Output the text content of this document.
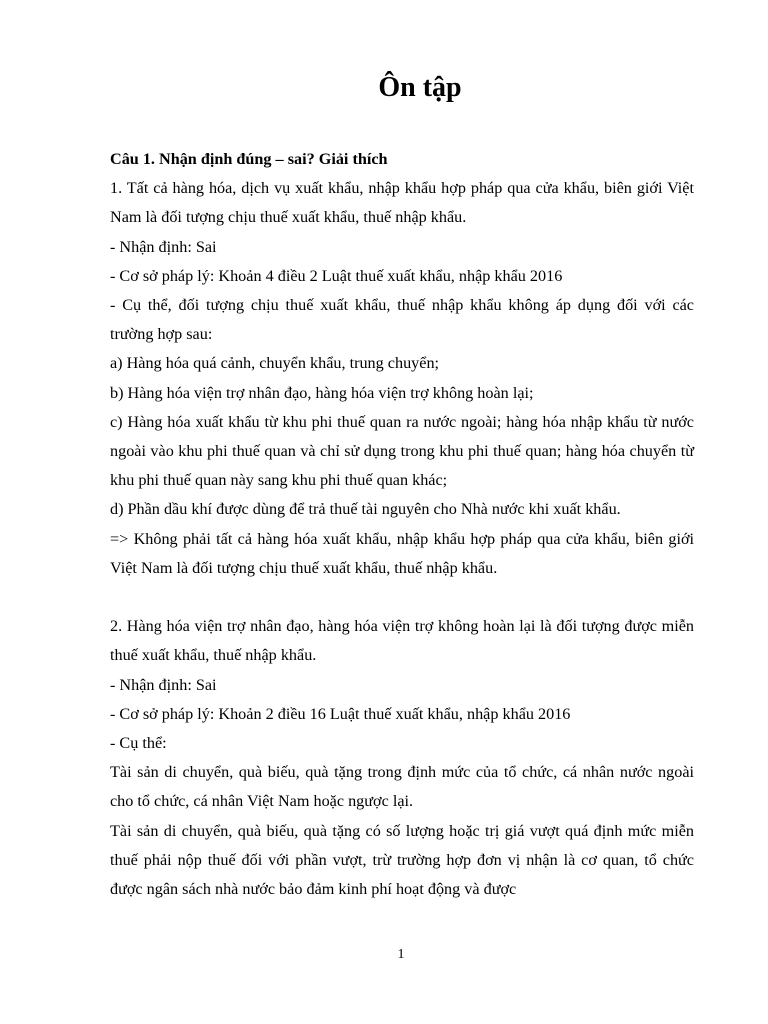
Ôn tập

Câu 1. Nhận định đúng – sai? Giải thích

1. Tất cả hàng hóa, dịch vụ xuất khẩu, nhập khẩu hợp pháp qua cửa khẩu, biên giới Việt Nam là đối tượng chịu thuế xuất khẩu, thuế nhập khẩu.

- Nhận định: Sai

- Cơ sở pháp lý: Khoản 4 điều 2 Luật thuế xuất khẩu, nhập khẩu 2016

- Cụ thể, đối tượng chịu thuế xuất khẩu, thuế nhập khẩu không áp dụng đối với các trường hợp sau:

a) Hàng hóa quá cảnh, chuyển khẩu, trung chuyển;

b) Hàng hóa viện trợ nhân đạo, hàng hóa viện trợ không hoàn lại;

c) Hàng hóa xuất khẩu từ khu phi thuế quan ra nước ngoài; hàng hóa nhập khẩu từ nước ngoài vào khu phi thuế quan và chỉ sử dụng trong khu phi thuế quan; hàng hóa chuyển từ khu phi thuế quan này sang khu phi thuế quan khác;

d) Phần dầu khí được dùng để trả thuế tài nguyên cho Nhà nước khi xuất khẩu.

=> Không phải tất cả hàng hóa xuất khẩu, nhập khẩu hợp pháp qua cửa khẩu, biên giới Việt Nam là đối tượng chịu thuế xuất khẩu, thuế nhập khẩu.

2. Hàng hóa viện trợ nhân đạo, hàng hóa viện trợ không hoàn lại là đối tượng được miễn thuế xuất khẩu, thuế nhập khẩu.

- Nhận định: Sai

- Cơ sở pháp lý: Khoản 2 điều 16 Luật thuế xuất khẩu, nhập khẩu 2016

- Cụ thể:

Tài sản di chuyển, quà biếu, quà tặng trong định mức của tổ chức, cá nhân nước ngoài cho tổ chức, cá nhân Việt Nam hoặc ngược lại.

Tài sản di chuyển, quà biếu, quà tặng có số lượng hoặc trị giá vượt quá định mức miễn thuế phải nộp thuế đối với phần vượt, trừ trường hợp đơn vị nhận là cơ quan, tổ chức được ngân sách nhà nước bảo đảm kinh phí hoạt động và được

1
